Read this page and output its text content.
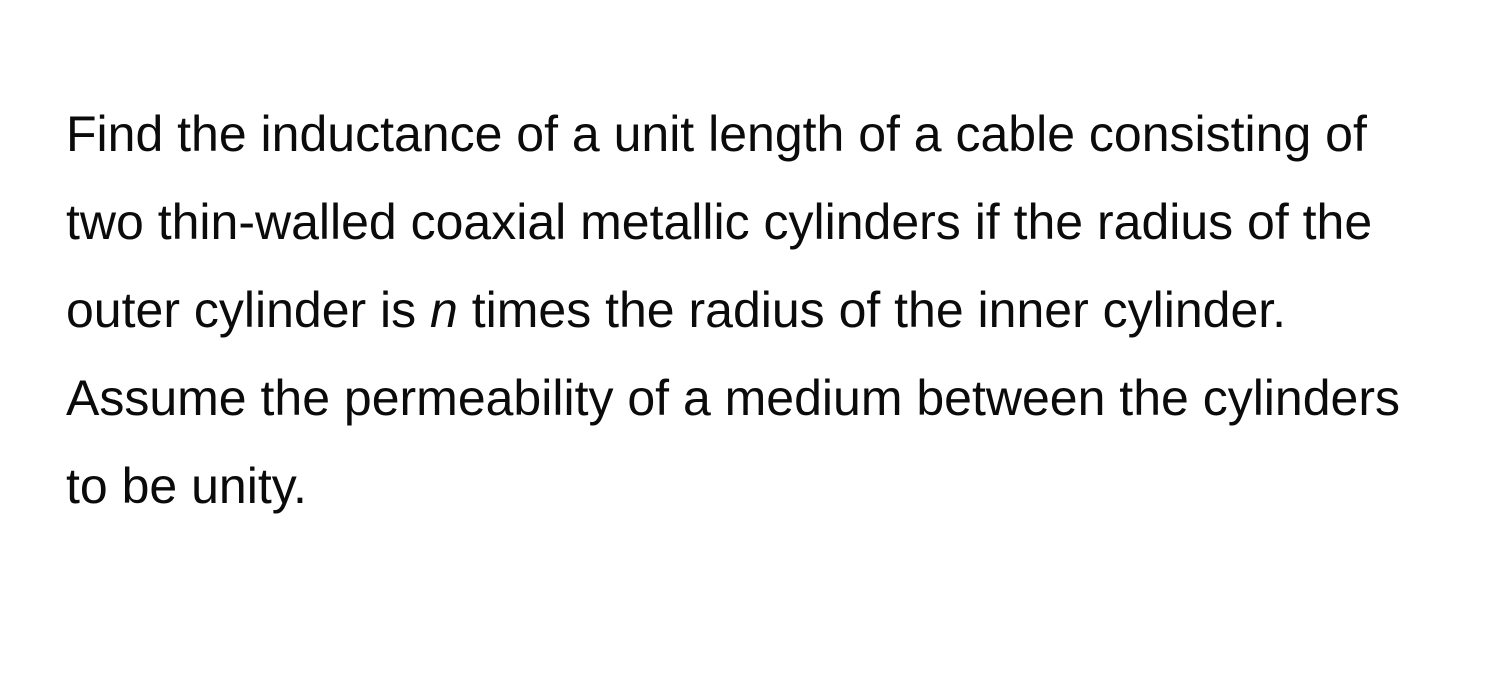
Find the inductance of a unit length of a cable consisting of two thin-walled coaxial metallic cylinders if the radius of the outer cylinder is n times the radius of the inner cylinder. Assume the permeability of a medium between the cylinders to be unity.
